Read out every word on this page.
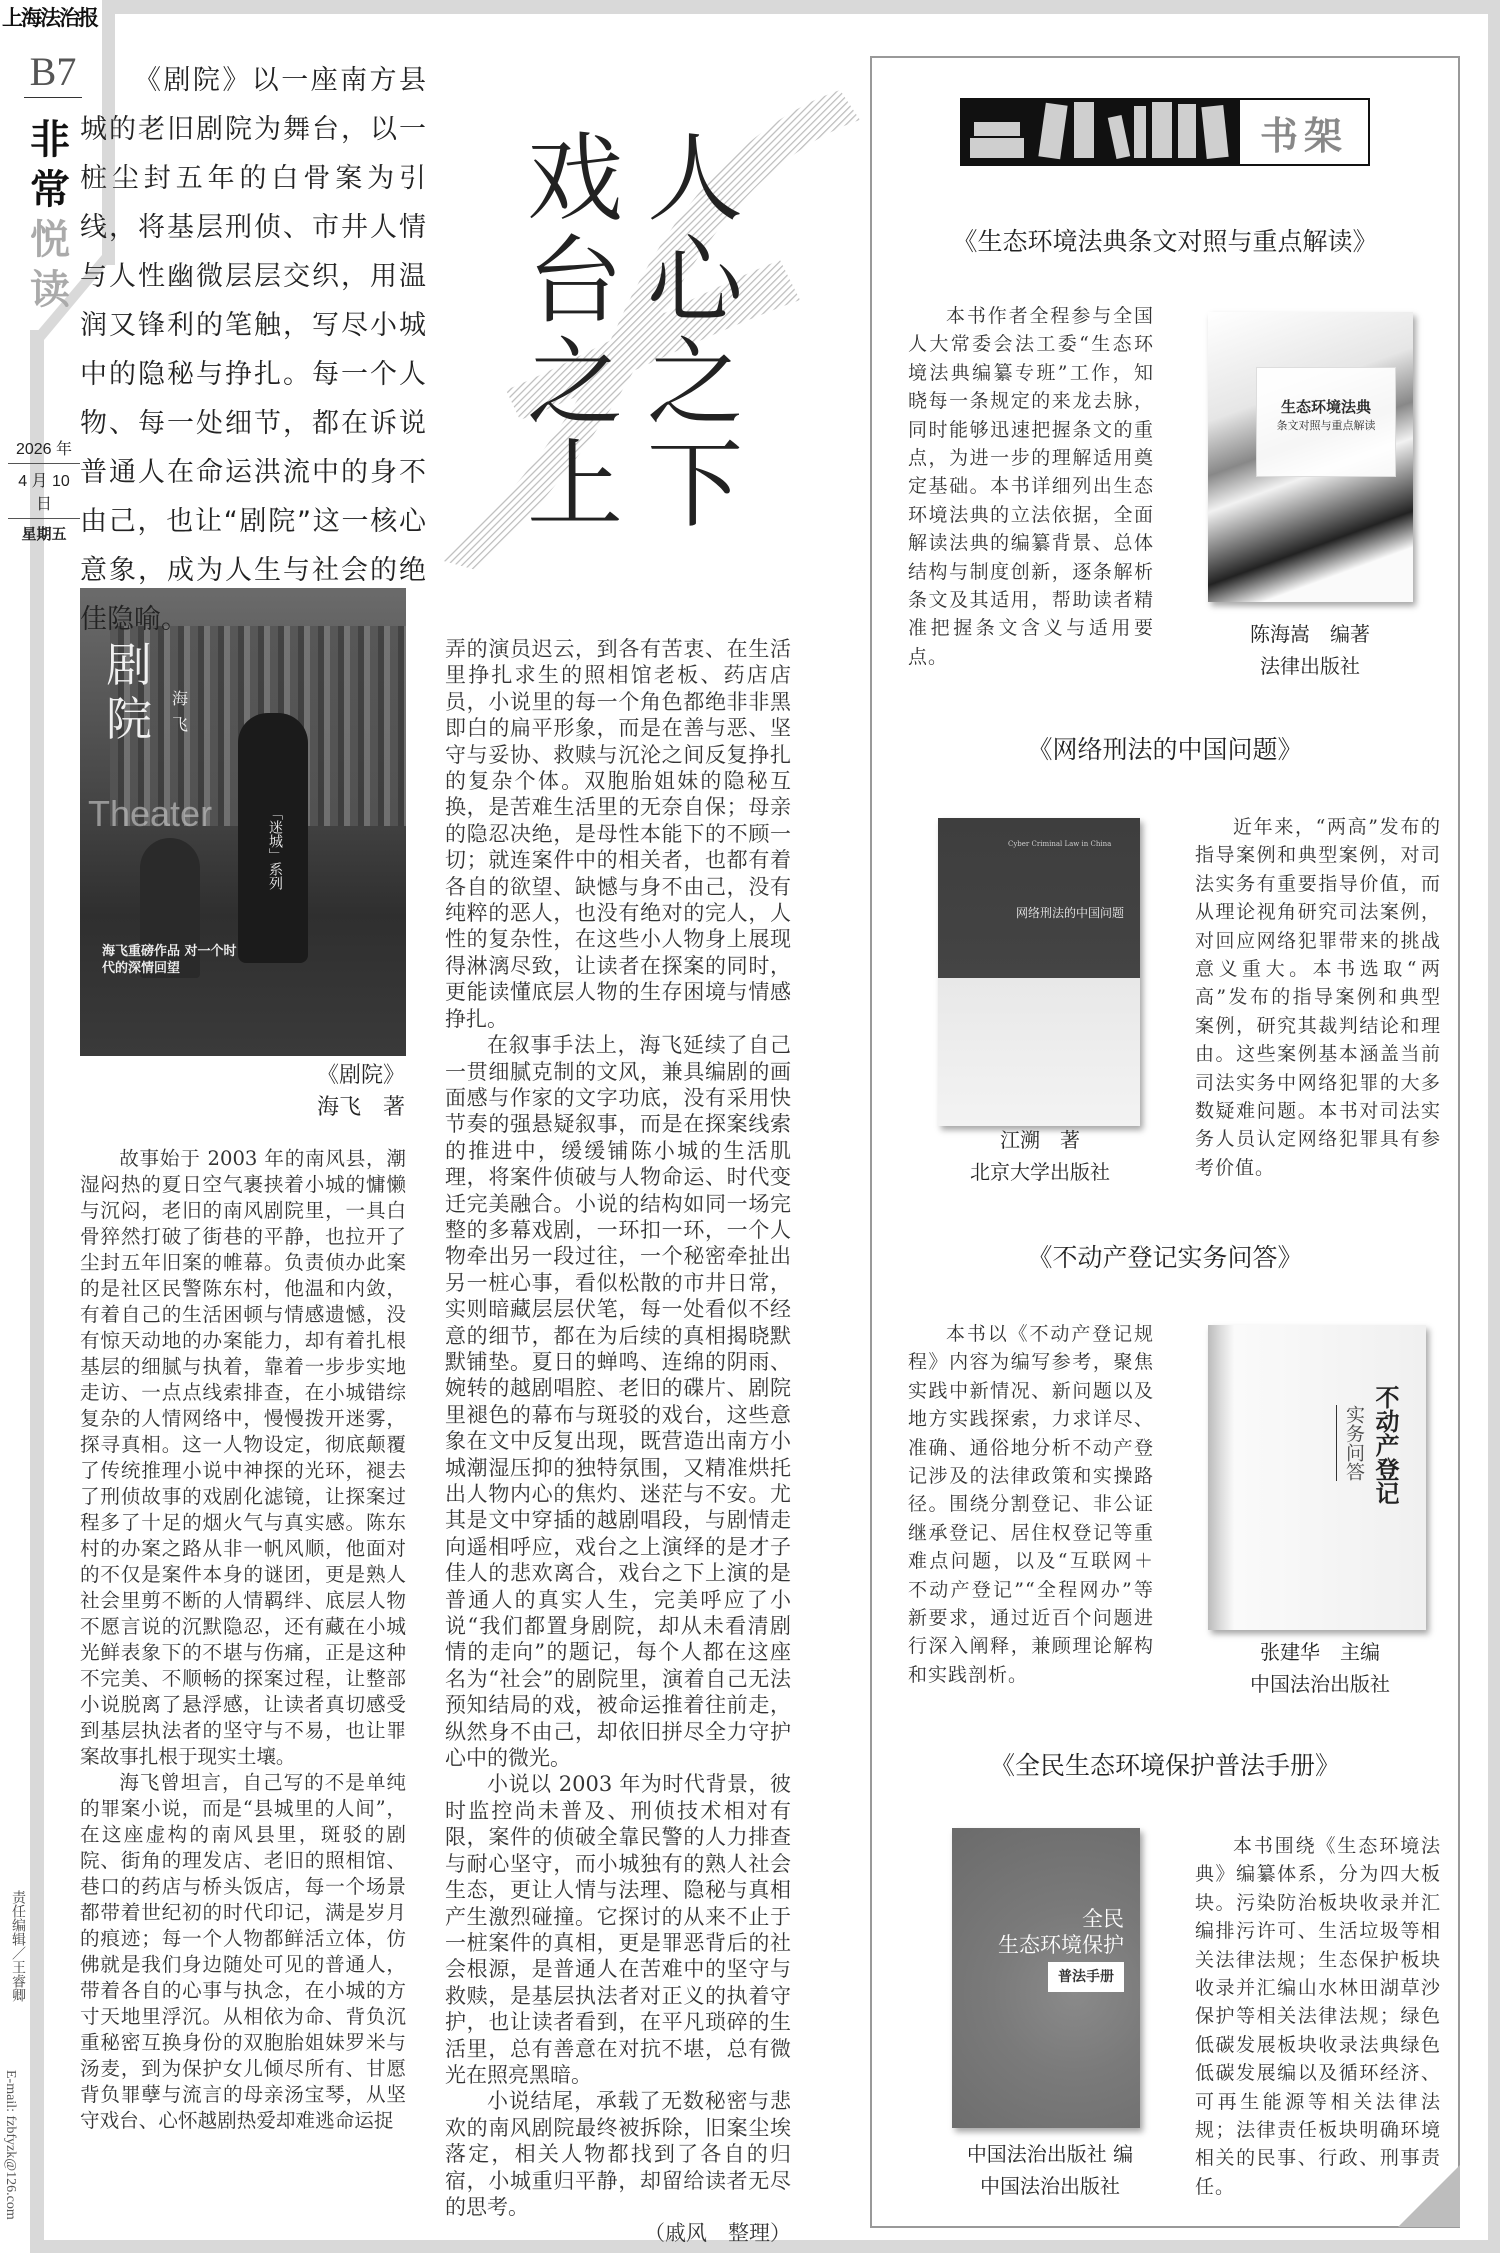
上海法治报
B7
非常
悦读
2026 年
4 月 10 日
星期五
责任编辑／王睿卿
E-mail: fzbfyzk@126.com
人
心
之
下
戏
台
之
上
《剧院》以一座南方县城的老旧剧院为舞台，以一桩尘封五年的白骨案为引线，将基层刑侦、市井人情与人性幽微层层交织，用温润又锋利的笔触，写尽小城中的隐秘与挣扎。每一个人物、每一处细节，都在诉说普通人在命运洪流中的身不由己，也让“剧院”这一核心意象，成为人生与社会的绝佳隐喻。
剧院 海飞
Theater	「迷城」系列
海飞重磅作品 对一个时代的深情回望
《剧院》
海飞　著

故事始于 2003 年的南风县，潮湿闷热的夏日空气裹挟着小城的慵懒与沉闷，老旧的南风剧院里，一具白骨猝然打破了街巷的平静，也拉开了尘封五年旧案的帷幕。负责侦办此案的是社区民警陈东村，他温和内敛，有着自己的生活困顿与情感遗憾，没有惊天动地的办案能力，却有着扎根基层的细腻与执着，靠着一步步实地走访、一点点线索排查，在小城错综复杂的人情网络中，慢慢拨开迷雾，探寻真相。这一人物设定，彻底颠覆了传统推理小说中神探的光环，褪去了刑侦故事的戏剧化滤镜，让探案过程多了十足的烟火气与真实感。陈东村的办案之路从非一帆风顺，他面对的不仅是案件本身的谜团，更是熟人社会里剪不断的人情羁绊、底层人物不愿言说的沉默隐忍，还有藏在小城光鲜表象下的不堪与伤痛，正是这种不完美、不顺畅的探案过程，让整部小说脱离了悬浮感，让读者真切感受到基层执法者的坚守与不易，也让罪案故事扎根于现实土壤。

海飞曾坦言，自己写的不是单纯的罪案小说，而是“县城里的人间”，在这座虚构的南风县里，斑驳的剧院、街角的理发店、老旧的照相馆、巷口的药店与桥头饭店，每一个场景都带着世纪初的时代印记，满是岁月的痕迹；每一个人物都鲜活立体，仿佛就是我们身边随处可见的普通人，带着各自的心事与执念，在小城的方寸天地里浮沉。从相依为命、背负沉重秘密互换身份的双胞胎姐妹罗米与汤麦，到为保护女儿倾尽所有、甘愿背负罪孽与流言的母亲汤宝琴，从坚守戏台、心怀越剧热爱却难逃命运捉

弄的演员迟云，到各有苦衷、在生活里挣扎求生的照相馆老板、药店店员，小说里的每一个角色都绝非非黑即白的扁平形象，而是在善与恶、坚守与妥协、救赎与沉沦之间反复挣扎的复杂个体。双胞胎姐妹的隐秘互换，是苦难生活里的无奈自保；母亲的隐忍决绝，是母性本能下的不顾一切；就连案件中的相关者，也都有着各自的欲望、缺憾与身不由己，没有纯粹的恶人，也没有绝对的完人，人性的复杂性，在这些小人物身上展现得淋漓尽致，让读者在探案的同时，更能读懂底层人物的生存困境与情感挣扎。

在叙事手法上，海飞延续了自己一贯细腻克制的文风，兼具编剧的画面感与作家的文字功底，没有采用快节奏的强悬疑叙事，而是在探案线索的推进中，缓缓铺陈小城的生活肌理，将案件侦破与人物命运、时代变迁完美融合。小说的结构如同一场完整的多幕戏剧，一环扣一环，一个人物牵出另一段过往，一个秘密牵扯出另一桩心事，看似松散的市井日常，实则暗藏层层伏笔，每一处看似不经意的细节，都在为后续的真相揭晓默默铺垫。夏日的蝉鸣、连绵的阴雨、婉转的越剧唱腔、老旧的碟片、剧院里褪色的幕布与斑驳的戏台，这些意象在文中反复出现，既营造出南方小城潮湿压抑的独特氛围，又精准烘托出人物内心的焦灼、迷茫与不安。尤其是文中穿插的越剧唱段，与剧情走向遥相呼应，戏台之上演绎的是才子佳人的悲欢离合，戏台之下上演的是普通人的真实人生，完美呼应了小说“我们都置身剧院，却从未看清剧情的走向”的题记，每个人都在这座名为“社会”的剧院里，演着自己无法预知结局的戏，被命运推着往前走，纵然身不由己，却依旧拼尽全力守护心中的微光。

小说以 2003 年为时代背景，彼时监控尚未普及、刑侦技术相对有限，案件的侦破全靠民警的人力排查与耐心坚守，而小城独有的熟人社会生态，更让人情与法理、隐秘与真相产生激烈碰撞。它探讨的从来不止于一桩案件的真相，更是罪恶背后的社会根源，是普通人在苦难中的坚守与救赎，是基层执法者对正义的执着守护，也让读者看到，在平凡琐碎的生活里，总有善意在对抗不堪，总有微光在照亮黑暗。

小说结尾，承载了无数秘密与悲欢的南风剧院最终被拆除，旧案尘埃落定，相关人物都找到了各自的归宿，小城重归平静，却留给读者无尽的思考。

（戚风　整理）
书架
《生态环境法典条文对照与重点解读》

本书作者全程参与全国人大常委会法工委“生态环境法典编纂专班”工作，知晓每一条规定的来龙去脉，同时能够迅速把握条文的重点，为进一步的理解适用奠定基础。本书详细列出生态环境法典的立法依据，全面解读法典的编纂背景、总体结构与制度创新，逐条解析条文及其适用，帮助读者精准把握条文含义与适用要点。

生态环境法典
条文对照与重点解读
陈海嵩　编著
法律出版社
《网络刑法的中国问题》
Cyber Criminal Law in China
网络刑法的中国问题
江溯　著
北京大学出版社

近年来，“两高”发布的指导案例和典型案例，对司法实务有重要指导价值，而从理论视角研究司法案例，对回应网络犯罪带来的挑战意义重大。本书选取“两高”发布的指导案例和典型案例，研究其裁判结论和理由。这些案例基本涵盖当前司法实务中网络犯罪的大多数疑难问题。本书对司法实务人员认定网络犯罪具有参考价值。

《不动产登记实务问答》

本书以《不动产登记规程》内容为编写参考，聚焦实践中新情况、新问题以及地方实践探索，力求详尽、准确、通俗地分析不动产登记涉及的法律政策和实操路径。围绕分割登记、非公证继承登记、居住权登记等重难点问题，以及“互联网＋不动产登记”“全程网办”等新要求，通过近百个问题进行深入阐释，兼顾理论解构和实践剖析。

不动产登记
实务问答
张建华　主编
中国法治出版社
《全民生态环境保护普法手册》
全民
生态环境保护
普法手册
中国法治出版社 编
中国法治出版社

本书围绕《生态环境法典》编纂体系，分为四大板块。污染防治板块收录并汇编排污许可、生活垃圾等相关法律法规；生态保护板块收录并汇编山水林田湖草沙保护等相关法律法规；绿色低碳发展板块收录法典绿色低碳发展编以及循环经济、可再生能源等相关法律法规；法律责任板块明确环境相关的民事、行政、刑事责任。
